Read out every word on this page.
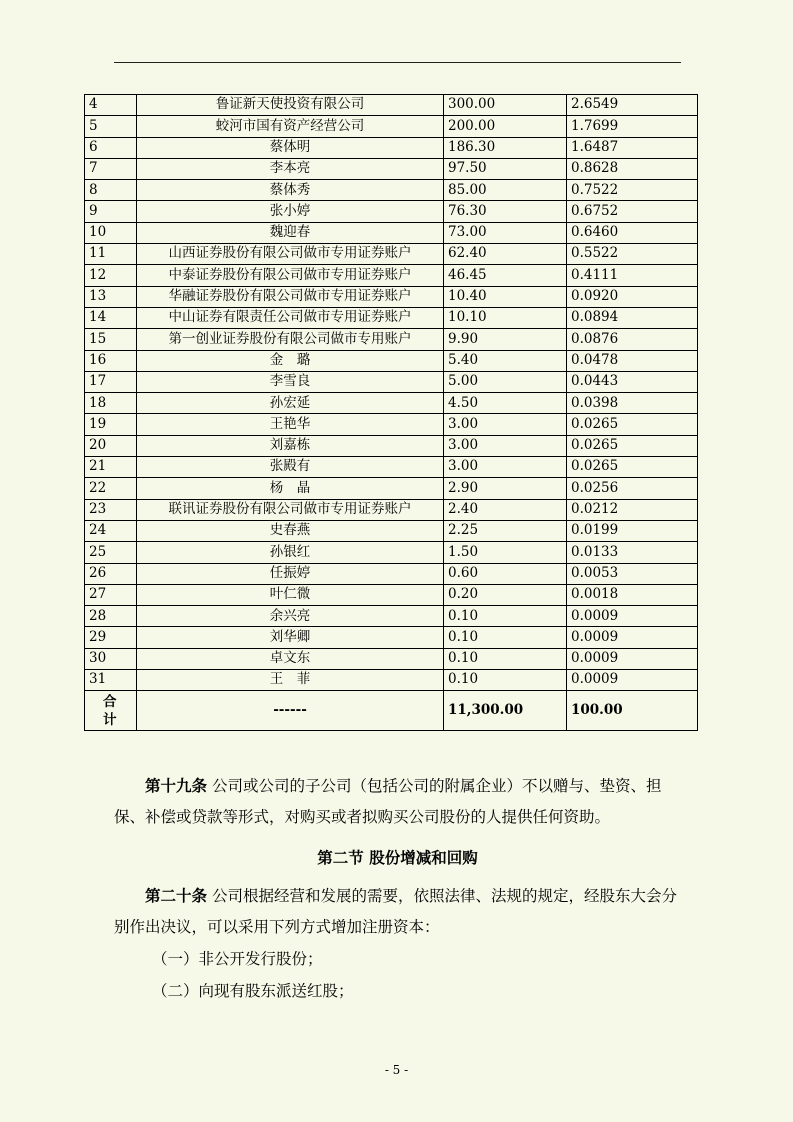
4	鲁证新天使投资有限公司	300.00	2.6549
5	蛟河市国有资产经营公司	200.00	1.7699
6	蔡体明	186.30	1.6487
7	李本亮	97.50	0.8628
8	蔡体秀	85.00	0.7522
9	张小婷	76.30	0.6752
10	魏迎春	73.00	0.6460
11	山西证券股份有限公司做市专用证券账户	62.40	0.5522
12	中泰证券股份有限公司做市专用证券账户	46.45	0.4111
13	华融证券股份有限公司做市专用证券账户	10.40	0.0920
14	中山证券有限责任公司做市专用证券账户	10.10	0.0894
15	第一创业证券股份有限公司做市专用账户	9.90	0.0876
16	金　璐	5.40	0.0478
17	李雪良	5.00	0.0443
18	孙宏延	4.50	0.0398
19	王艳华	3.00	0.0265
20	刘嘉栋	3.00	0.0265
21	张殿有	3.00	0.0265
22	杨　晶	2.90	0.0256
23	联讯证券股份有限公司做市专用证券账户	2.40	0.0212
24	史春燕	2.25	0.0199
25	孙银红	1.50	0.0133
26	任振婷	0.60	0.0053
27	叶仁微	0.20	0.0018
28	余兴亮	0.10	0.0009
29	刘华卿	0.10	0.0009
30	卓文东	0.10	0.0009
31	王　菲	0.10	0.0009

合
计	------	11,300.00	100.00

第十九条 公司或公司的子公司（包括公司的附属企业）不以赠与、垫资、担保、补偿或贷款等形式，对购买或者拟购买公司股份的人提供任何资助。

第二节 股份增减和回购

第二十条 公司根据经营和发展的需要，依照法律、法规的规定，经股东大会分别作出决议，可以采用下列方式增加注册资本：

（一）非公开发行股份；
（二）向现有股东派送红股；
- 5 -
